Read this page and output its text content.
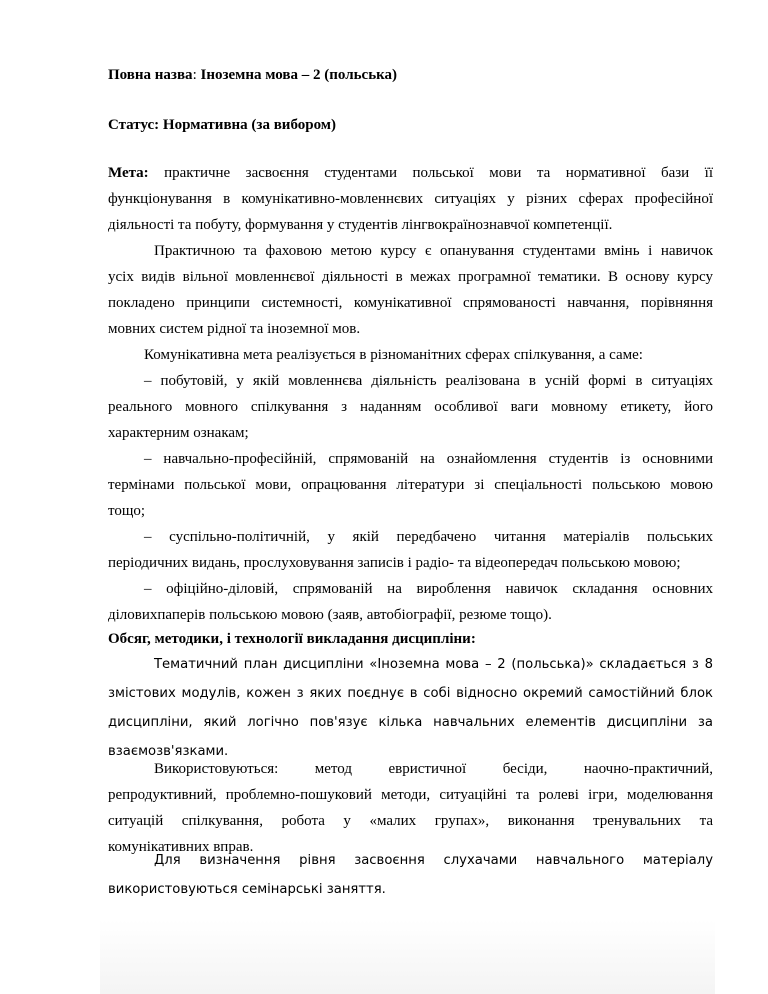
Повна назва: Іноземна мова – 2 (польська)

Статус: Нормативна (за вибором)

Мета: практичне засвоєння студентами польської мови та нормативної бази її
функціонування в комунікативно-мовленнєвих ситуаціях у різних сферах професійної
діяльності та побуту, формування у студентів лінгвокраїнознавчої компетенції.
Практичною та фаховою метою курсу є опанування студентами вмінь і навичок
усіх видів вільної мовленнєвої діяльності в межах програмної тематики. В основу курсу
покладено принципи системності, комунікативної спрямованості навчання, порівняння
мовних систем рідної та іноземної мов.
Комунікативна мета реалізується в різноманітних сферах спілкування, а саме:
– побутовій, у якій мовленнєва діяльність реалізована в усній формі в ситуаціях
реального мовного спілкування з наданням особливої ваги мовному етикету, його
характерним ознакам;
– навчально-професійній, спрямованій на ознайомлення студентів із основними
термінами польської мови, опрацювання літератури зі спеціальності польською мовою
тощо;
– суспільно-політичній, у якій передбачено читання матеріалів польських
періодичних видань, прослуховування записів і радіо- та відеопередач польською мовою;
– офіційно-діловій, спрямованій на вироблення навичок складання основних
діловихпаперів польською мовою (заяв, автобіографії, резюме тощо).

Обсяг, методики, і технології викладання дисципліни:

Тематичний план дисципліни «Іноземна мова – 2 (польська)» складається з 8
змістових модулів, кожен з яких поєднує в собі відносно окремий самостійний блок
дисципліни, який логічно пов'язує кілька навчальних елементів дисципліни за
взаємозв'язками.
Використовуються: метод евристичної бесіди, наочно-практичний,
репродуктивний, проблемно-пошуковий методи, ситуаційні та ролеві ігри, моделювання
ситуацій спілкування, робота у «малих групах», виконання тренувальних та
комунікативних вправ.
Для визначення рівня засвоєння слухачами навчального матеріалу
використовуються семінарські заняття.
